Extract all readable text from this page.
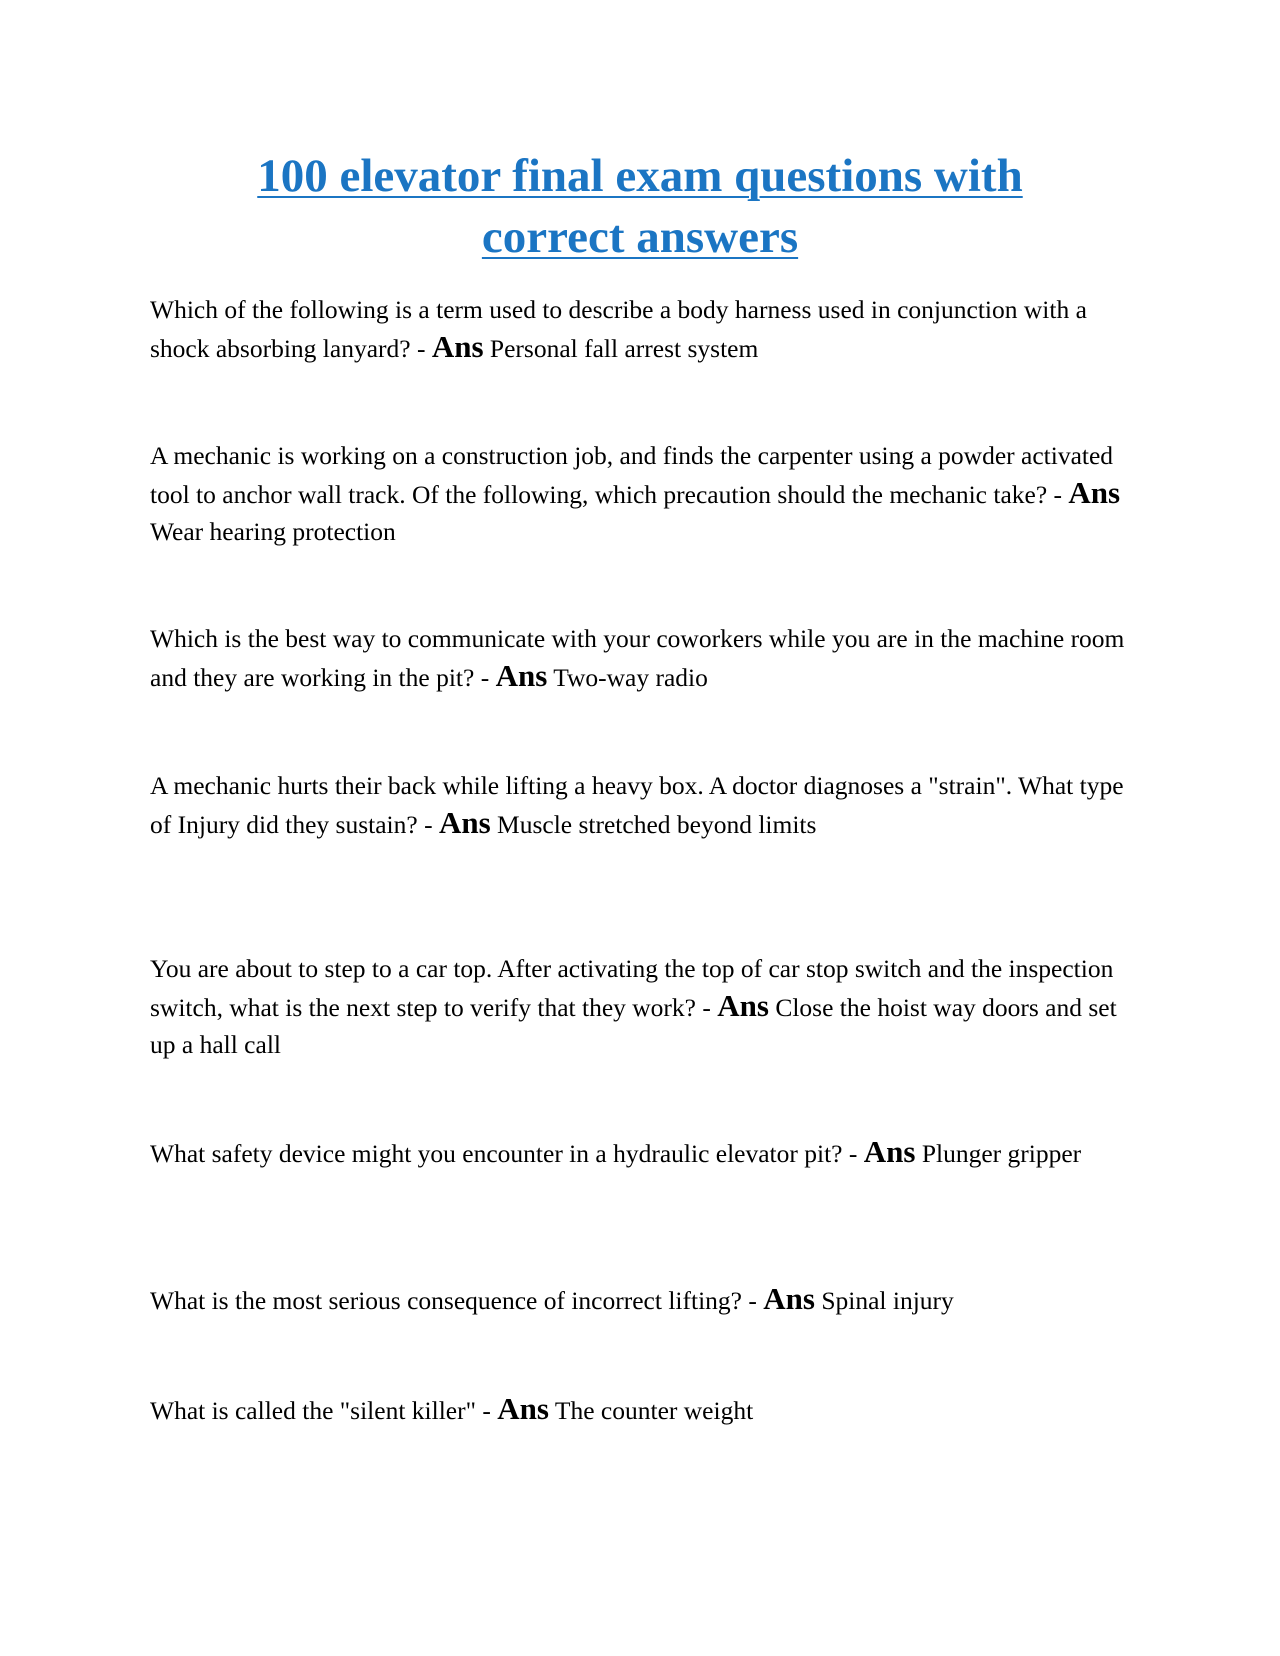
100 elevator final exam questions with correct answers

Which of the following is a term used to describe a body harness used in conjunction with a shock absorbing lanyard? - Ans Personal fall arrest system

A mechanic is working on a construction job, and finds the carpenter using a powder activated tool to anchor wall track. Of the following, which precaution should the mechanic take? - Ans Wear hearing protection

Which is the best way to communicate with your coworkers while you are in the machine room and they are working in the pit? - Ans Two-way radio

A mechanic hurts their back while lifting a heavy box. A doctor diagnoses a "strain". What type of Injury did they sustain? - Ans Muscle stretched beyond limits

You are about to step to a car top. After activating the top of car stop switch and the inspection switch, what is the next step to verify that they work? - Ans Close the hoist way doors and set up a hall call

What safety device might you encounter in a hydraulic elevator pit? - Ans Plunger gripper

What is the most serious consequence of incorrect lifting? - Ans Spinal injury

What is called the "silent killer" - Ans The counter weight
